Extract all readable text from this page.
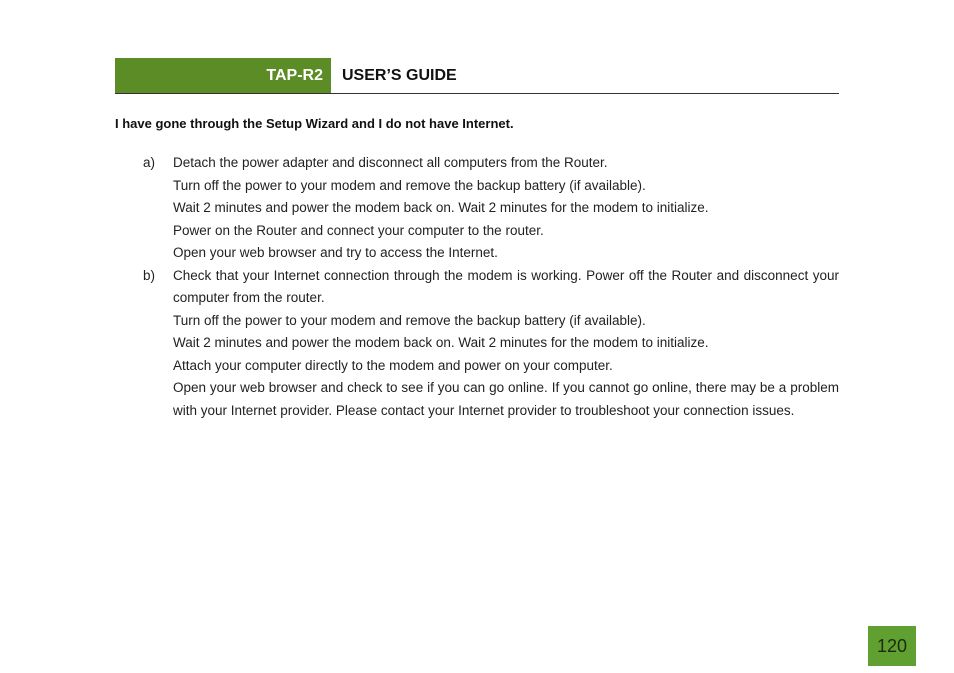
TAP-R2	USER’S GUIDE
I have gone through the Setup Wizard and I do not have Internet.
a) Detach the power adapter and disconnect all computers from the Router.
Turn off the power to your modem and remove the backup battery (if available).
Wait 2 minutes and power the modem back on. Wait 2 minutes for the modem to initialize.
Power on the Router and connect your computer to the router.
Open your web browser and try to access the Internet.
b) Check that your Internet connection through the modem is working. Power off the Router and disconnect your computer from the router.
Turn off the power to your modem and remove the backup battery (if available).
Wait 2 minutes and power the modem back on. Wait 2 minutes for the modem to initialize.
Attach your computer directly to the modem and power on your computer.
Open your web browser and check to see if you can go online. If you cannot go online, there may be a problem with your Internet provider. Please contact your Internet provider to troubleshoot your connection issues.
120
